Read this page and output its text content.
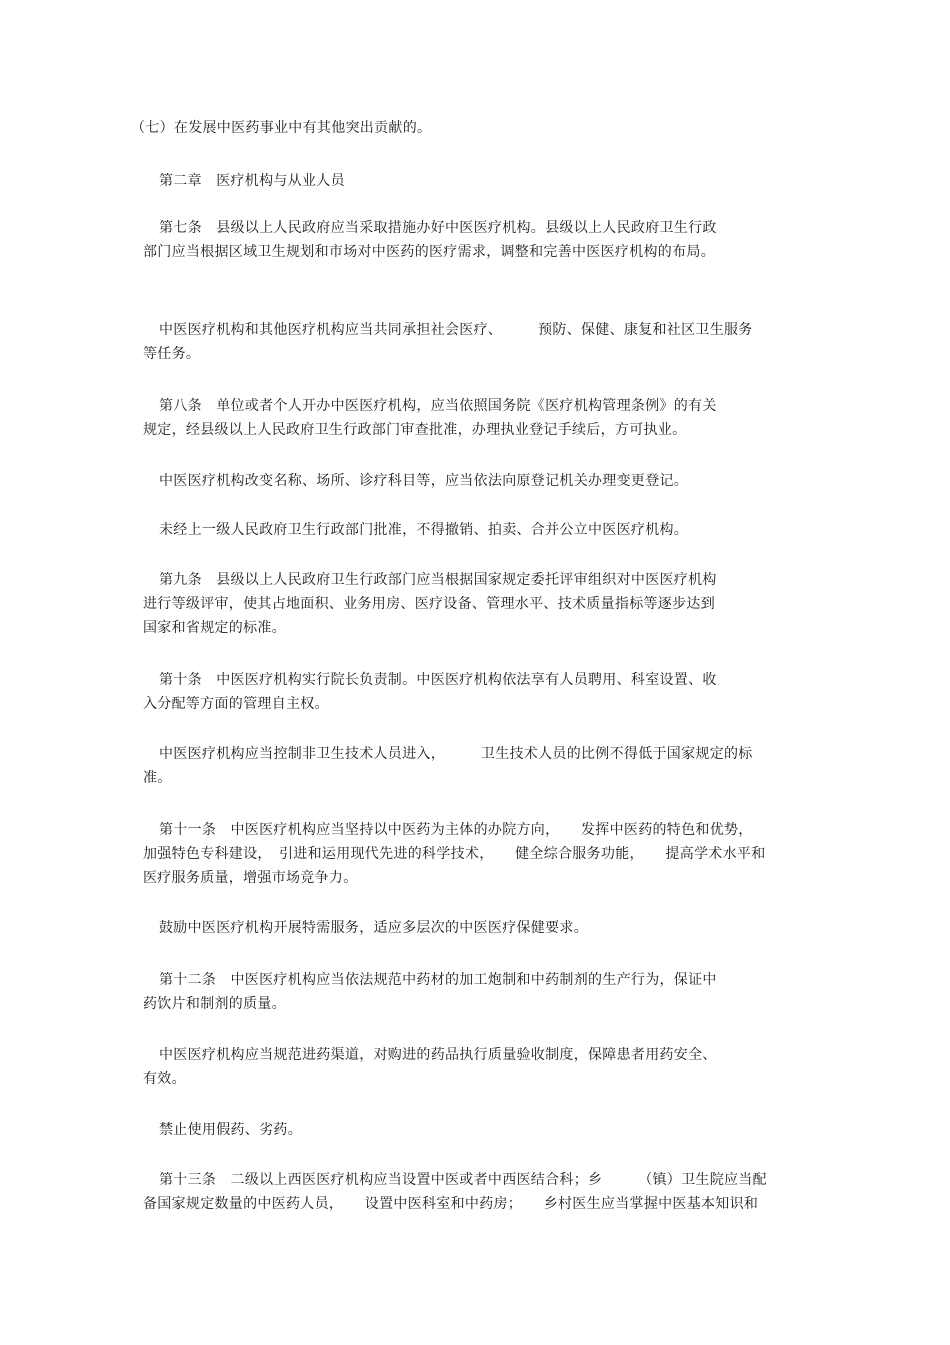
（七）在发展中医药事业中有其他突出贡献的。
第二章　医疗机构与从业人员
第七条　县级以上人民政府应当采取措施办好中医医疗机构。县级以上人民政府卫生行政
部门应当根据区域卫生规划和市场对中医药的医疗需求，调整和完善中医医疗机构的布局。
中医医疗机构和其他医疗机构应当共同承担社会医疗、　　　预防、保健、康复和社区卫生服务
等任务。
第八条　单位或者个人开办中医医疗机构，应当依照国务院《医疗机构管理条例》的有关
规定，经县级以上人民政府卫生行政部门审查批准，办理执业登记手续后，方可执业。
中医医疗机构改变名称、场所、诊疗科目等，应当依法向原登记机关办理变更登记。
未经上一级人民政府卫生行政部门批准，不得撤销、拍卖、合并公立中医医疗机构。
第九条　县级以上人民政府卫生行政部门应当根据国家规定委托评审组织对中医医疗机构
进行等级评审，使其占地面积、业务用房、医疗设备、管理水平、技术质量指标等逐步达到
国家和省规定的标准。
第十条　中医医疗机构实行院长负责制。中医医疗机构依法享有人员聘用、科室设置、收
入分配等方面的管理自主权。
中医医疗机构应当控制非卫生技术人员进入，　　　卫生技术人员的比例不得低于国家规定的标
准。
第十一条　中医医疗机构应当坚持以中医药为主体的办院方向，　　发挥中医药的特色和优势，
加强特色专科建设，　引进和运用现代先进的科学技术，　　健全综合服务功能，　　提高学术水平和
医疗服务质量，增强市场竞争力。
鼓励中医医疗机构开展特需服务，适应多层次的中医医疗保健要求。
第十二条　中医医疗机构应当依法规范中药材的加工炮制和中药制剂的生产行为，保证中
药饮片和制剂的质量。
中医医疗机构应当规范进药渠道，对购进的药品执行质量验收制度，保障患者用药安全、
有效。
禁止使用假药、劣药。
第十三条　二级以上西医医疗机构应当设置中医或者中西医结合科；乡　　　（镇）卫生院应当配
备国家规定数量的中医药人员，　　设置中医科室和中药房；　　乡村医生应当掌握中医基本知识和
